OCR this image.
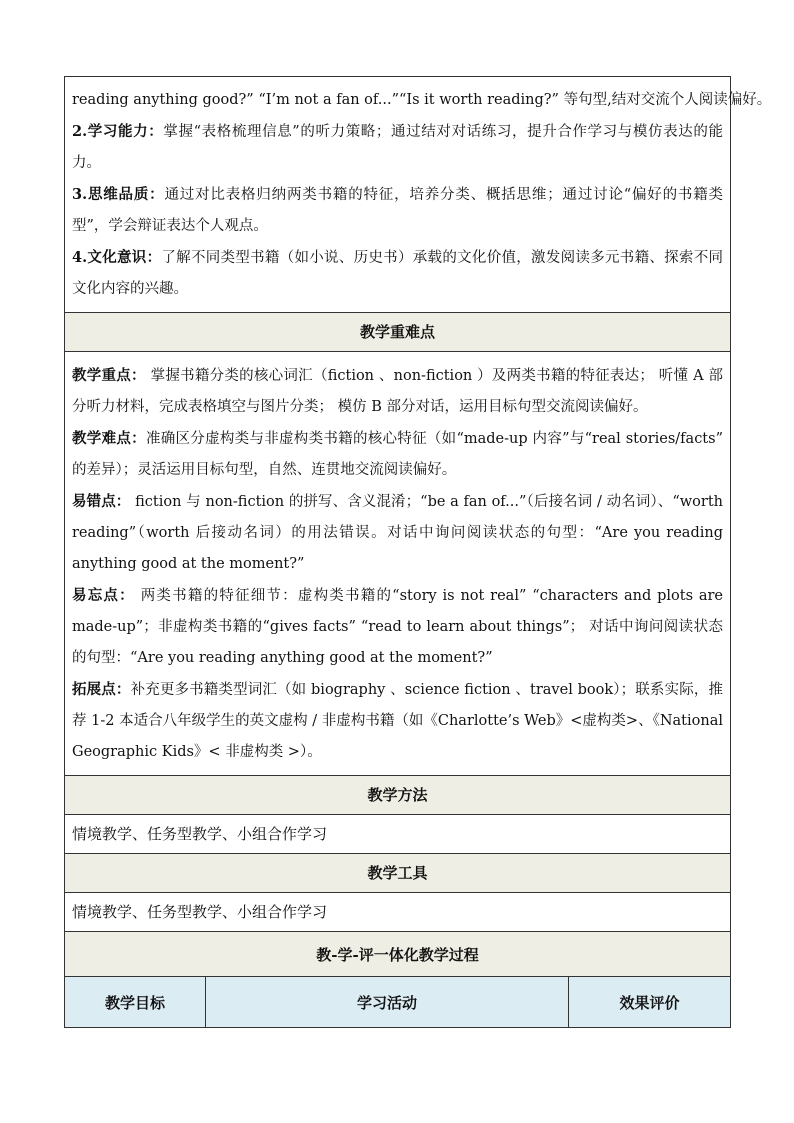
reading anything good?” “I’m not a fan of...”“Is it worth reading?” 等句型,结对交流个人阅读偏好。

2.学习能力：掌握“表格梳理信息”的听力策略；通过结对对话练习，提升合作学习与模仿表达的能力。

3.思维品质：通过对比表格归纳两类书籍的特征，培养分类、概括思维；通过讨论“偏好的书籍类型”，学会辩证表达个人观点。

4.文化意识：了解不同类型书籍（如小说、历史书）承载的文化价值，激发阅读多元书籍、探索不同文化内容的兴趣。

教学重难点

教学重点： 掌握书籍分类的核心词汇（fiction 、non-fiction ）及两类书籍的特征表达； 听懂 A 部分听力材料，完成表格填空与图片分类； 模仿 B 部分对话，运用目标句型交流阅读偏好。

教学难点：准确区分虚构类与非虚构类书籍的核心特征（如“made-up 内容”与“real stories/facts” 的差异）；灵活运用目标句型，自然、连贯地交流阅读偏好。

易错点： fiction 与 non-fiction 的拼写、含义混淆；“be a fan of...”（后接名词 / 动名词）、“worth reading”（worth 后接动名词）的用法错误。对话中询问阅读状态的句型：“Are you reading anything good at the moment?”

易忘点： 两类书籍的特征细节：虚构类书籍的“story is not real” “characters and plots are made-up”；非虚构类书籍的“gives facts” “read to learn about things”； 对话中询问阅读状态的句型：“Are you reading anything good at the moment?”

拓展点：补充更多书籍类型词汇（如 biography 、science fiction 、travel book）；联系实际，推荐 1-2 本适合八年级学生的英文虚构 / 非虚构书籍（如《Charlotte’s Web》<虚构类>、《National Geographic Kids》< 非虚构类 >）。

教学方法
情境教学、任务型教学、小组合作学习
教学工具
情境教学、任务型教学、小组合作学习
教-学-评一体化教学过程
教学目标	学习活动	效果评价
